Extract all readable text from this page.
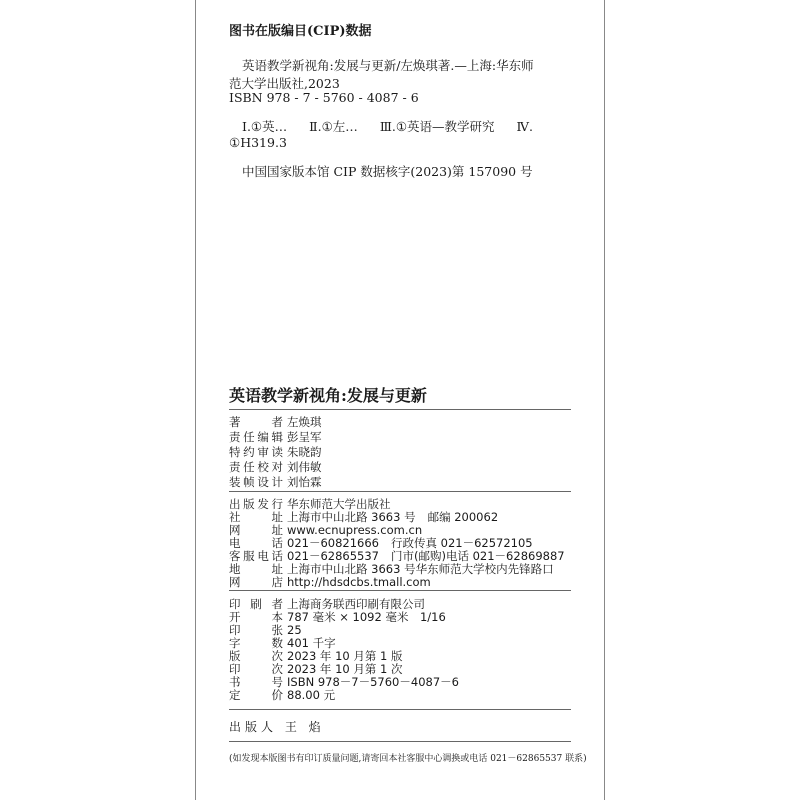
图书在版编目(CIP)数据
英语教学新视角:发展与更新/左焕琪著.—上海:华东师
范大学出版社,2023
ISBN 978 - 7 - 5760 - 4087 - 6
Ⅰ.①英… Ⅱ.①左… Ⅲ.①英语—教学研究 Ⅳ.
①H319.3
中国国家版本馆 CIP 数据核字(2023)第 157090 号
英语教学新视角:发展与更新
著　者 左焕琪
责任编辑 彭呈军
特约审读 朱晓韵
责任校对 刘伟敏
装帧设计 刘怡霖
出版发行 华东师范大学出版社
社　址 上海市中山北路 3663 号 邮编 200062
网　址 www.ecnupress.com.cn
电　话 021－60821666 行政传真 021－62572105
客服电话 021－62865537 门市(邮购)电话 021－62869887
地　址 上海市中山北路 3663 号华东师范大学校内先锋路口
网　店 http://hdsdcbs.tmall.com
印 刷 者 上海商务联西印刷有限公司
开　本 787 毫米 × 1092 毫米　1/16
印　张 25
字　数 401 千字
版　次 2023 年 10 月第 1 版
印　次 2023 年 10 月第 1 次
书　号 ISBN 978－7－5760－4087－6
定　价 88.00 元
出版人 王 焰
(如发现本版图书有印订质量问题,请寄回本社客服中心调换或电话 021－62865537 联系)
